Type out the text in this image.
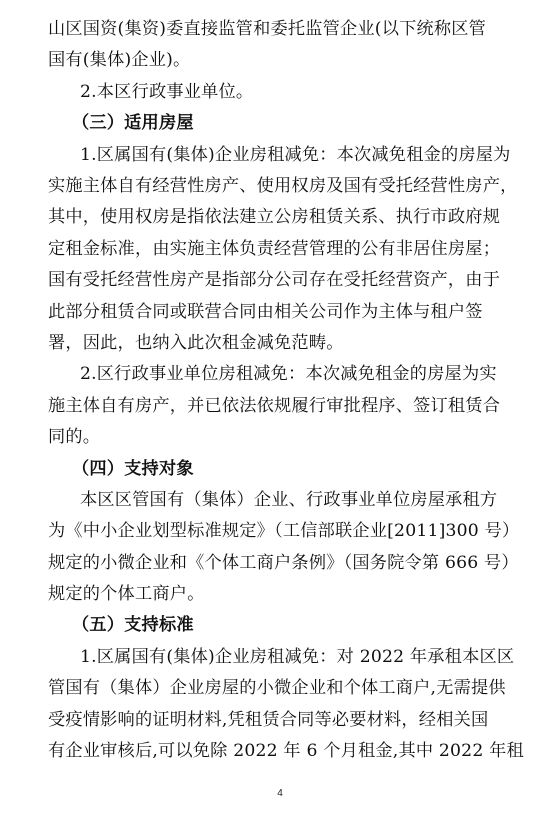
山区国资(集资)委直接监管和委托监管企业(以下统称区管
国有(集体)企业)。
2.本区行政事业单位。
（三）适用房屋
1.区属国有(集体)企业房租减免：本次减免租金的房屋为
实施主体自有经营性房产、使用权房及国有受托经营性房产，
其中，使用权房是指依法建立公房租赁关系、执行市政府规
定租金标准，由实施主体负责经营管理的公有非居住房屋；
国有受托经营性房产是指部分公司存在受托经营资产，由于
此部分租赁合同或联营合同由相关公司作为主体与租户签
署，因此，也纳入此次租金减免范畴。
2.区行政事业单位房租减免：本次减免租金的房屋为实
施主体自有房产，并已依法依规履行审批程序、签订租赁合
同的。
（四）支持对象
本区区管国有（集体）企业、行政事业单位房屋承租方
为《中小企业划型标准规定》（工信部联企业[2011]300 号）
规定的小微企业和《个体工商户条例》（国务院令第 666 号）
规定的个体工商户。
（五）支持标准
1.区属国有(集体)企业房租减免：对 2022 年承租本区区
管国有（集体）企业房屋的小微企业和个体工商户,无需提供
受疫情影响的证明材料,凭租赁合同等必要材料，经相关国
有企业审核后,可以免除 2022 年 6 个月租金,其中 2022 年租
4
